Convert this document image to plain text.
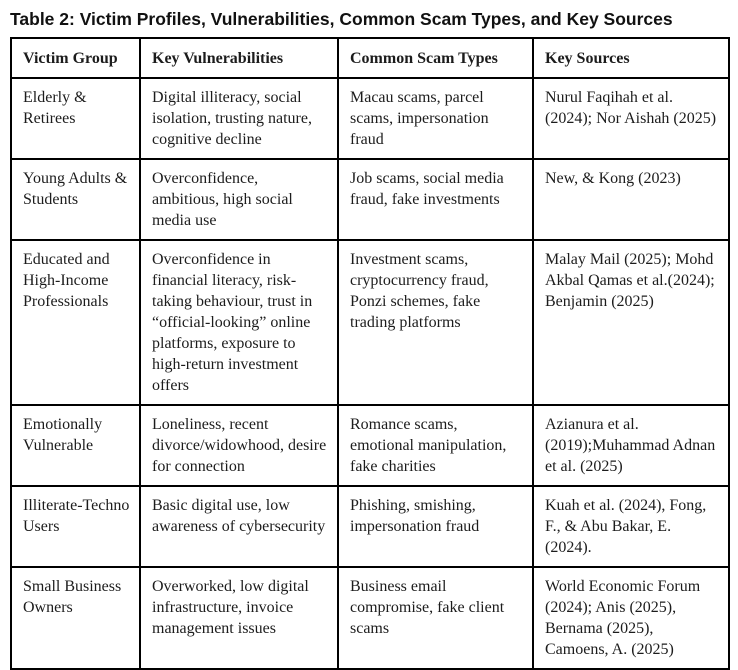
Table 2: Victim Profiles, Vulnerabilities, Common Scam Types, and Key Sources
Victim Group	Key Vulnerabilities	Common Scam Types	Key Sources
Elderly & Retirees	Digital illiteracy, social isolation, trusting nature, cognitive decline	Macau scams, parcel scams, impersonation fraud	Nurul Faqihah et al. (2024); Nor Aishah (2025)
Young Adults & Students	Overconfidence, ambitious, high social media use	Job scams, social media fraud, fake investments	New, & Kong (2023)
Educated and High-Income Professionals	Overconfidence in financial literacy, risk-taking behaviour, trust in “official-looking” online platforms, exposure to high-return investment offers	Investment scams, cryptocurrency fraud, Ponzi schemes, fake trading platforms	Malay Mail (2025); Mohd Akbal Qamas et al.(2024); Benjamin (2025)
Emotionally Vulnerable	Loneliness, recent divorce/widowhood, desire for connection	Romance scams, emotional manipulation, fake charities	Azianura et al. (2019);Muhammad Adnan et al. (2025)
Illiterate-Techno Users	Basic digital use, low awareness of cybersecurity	Phishing, smishing, impersonation fraud	Kuah et al. (2024), Fong, F., & Abu Bakar, E. (2024).
Small Business Owners	Overworked, low digital infrastructure, invoice management issues	Business email compromise, fake client scams	World Economic Forum (2024); Anis (2025), Bernama (2025), Camoens, A. (2025)
